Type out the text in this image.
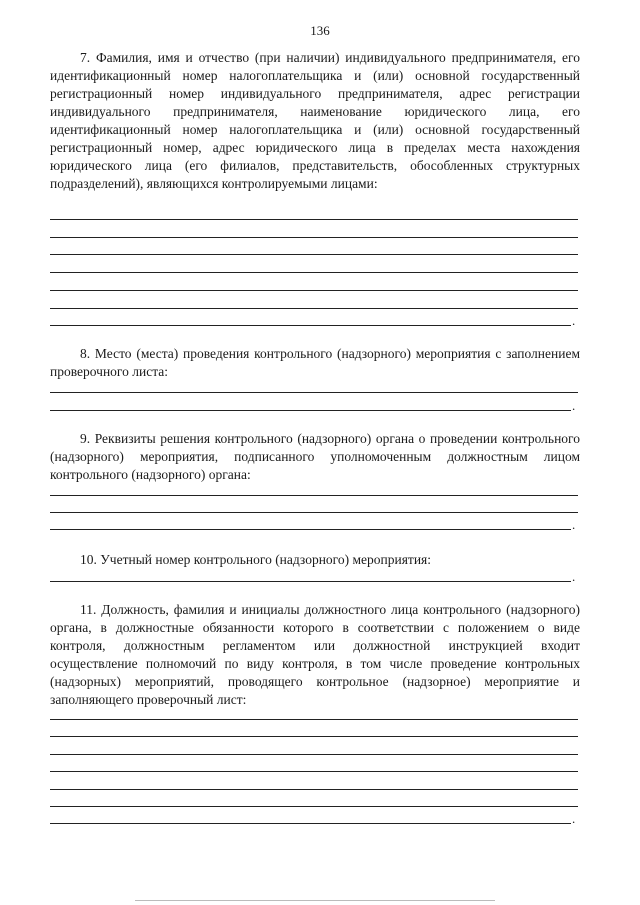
136

7. Фамилия, имя и отчество (при наличии) индивидуального предпринимателя, его идентификационный номер налогоплательщика и (или) основной государственный регистрационный номер индивидуального предпринимателя, адрес регистрации индивидуального предпринимателя, наименование юридического лица, его идентификационный номер налогоплательщика и (или) основной государственный регистрационный номер, адрес юридического лица в пределах места нахождения юридического лица (его филиалов, представительств, обособленных структурных подразделений), являющихся контролируемыми лицами:

.

8. Место (места) проведения контрольного (надзорного) мероприятия с заполнением проверочного листа:

.

9. Реквизиты решения контрольного (надзорного) органа о проведении контрольного (надзорного) мероприятия, подписанного уполномоченным должностным лицом контрольного (надзорного) органа:

.

10. Учетный номер контрольного (надзорного) мероприятия:

.

11. Должность, фамилия и инициалы должностного лица контрольного (надзорного) органа, в должностные обязанности которого в соответствии с положением о виде контроля, должностным регламентом или должностной инструкцией входит осуществление полномочий по виду контроля, в том числе проведение контрольных (надзорных) мероприятий, проводящего контрольное (надзорное) мероприятие и заполняющего проверочный лист:

.
